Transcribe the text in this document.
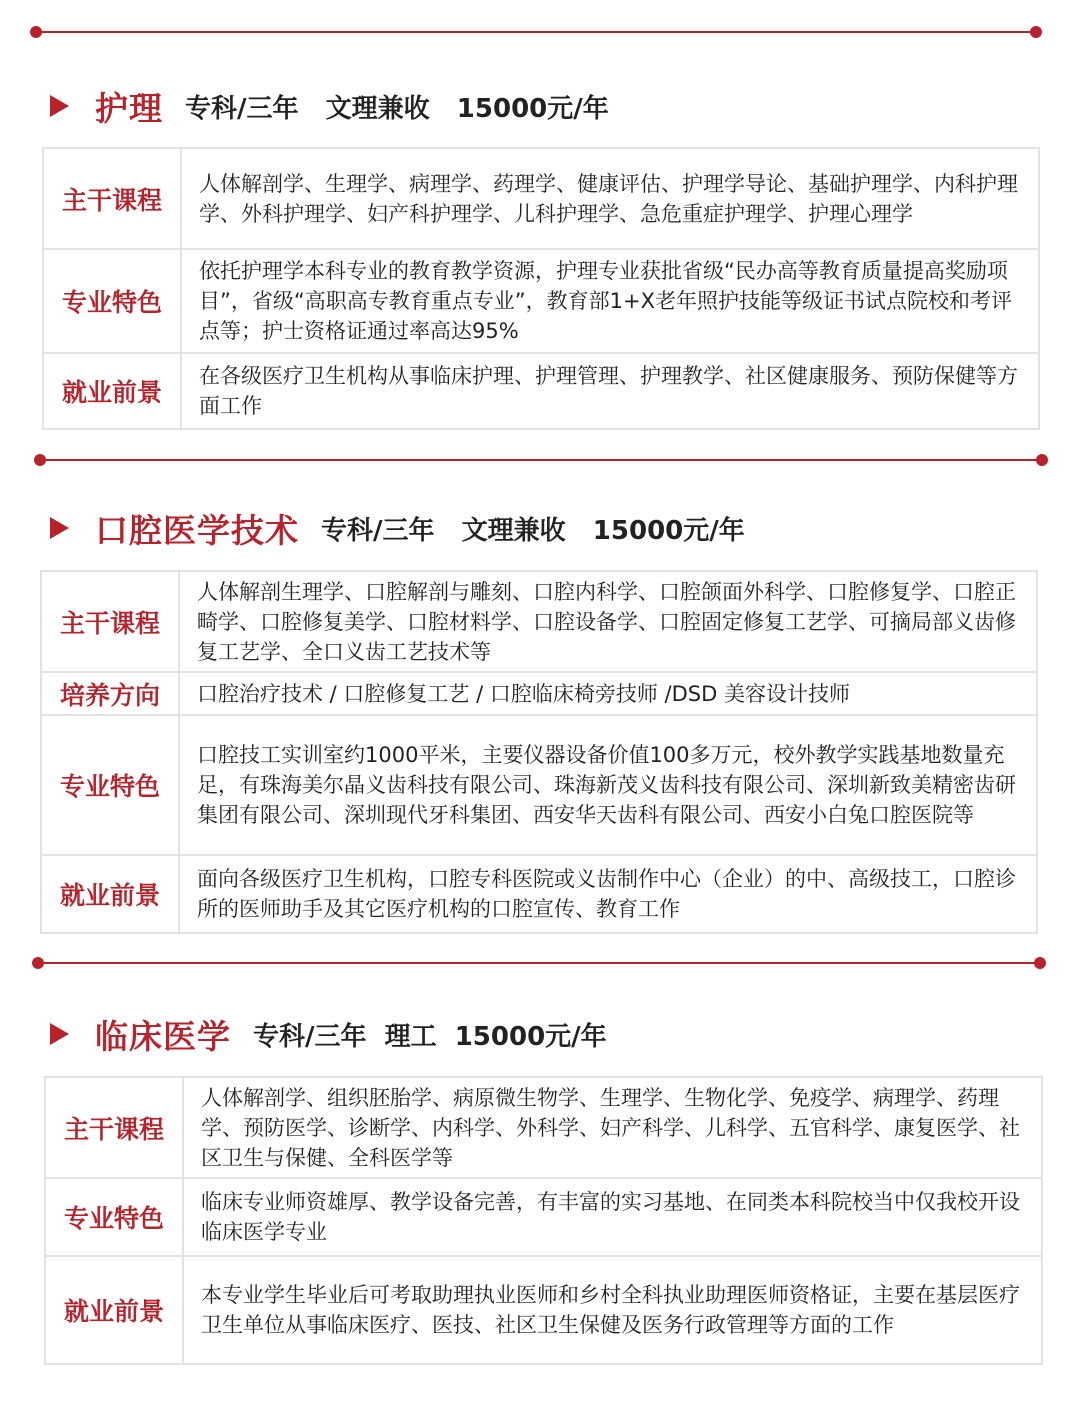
护理 专科/三年   文理兼收   15000元/年
主干课程	人体解剖学、生理学、病理学、药理学、健康评估、护理学导论、基础护理学、内科护理学、外科护理学、妇产科护理学、儿科护理学、急危重症护理学、护理心理学
专业特色	依托护理学本科专业的教育教学资源，护理专业获批省级“民办高等教育质量提高奖励项目”，省级“高职高专教育重点专业”，教育部1+X老年照护技能等级证书试点院校和考评点等；护士资格证通过率高达95%
就业前景	在各级医疗卫生机构从事临床护理、护理管理、护理教学、社区健康服务、预防保健等方面工作
口腔医学技术 专科/三年   文理兼收   15000元/年
主干课程	人体解剖生理学、口腔解剖与雕刻、口腔内科学、口腔颌面外科学、口腔修复学、口腔正畸学、口腔修复美学、口腔材料学、口腔设备学、口腔固定修复工艺学、可摘局部义齿修复工艺学、全口义齿工艺技术等
培养方向	口腔治疗技术 / 口腔修复工艺 / 口腔临床椅旁技师 /DSD 美容设计技师
专业特色	口腔技工实训室约1000平米，主要仪器设备价值100多万元，校外教学实践基地数量充足，有珠海美尔晶义齿科技有限公司、珠海新茂义齿科技有限公司、深圳新致美精密齿研集团有限公司、深圳现代牙科集团、西安华天齿科有限公司、西安小白兔口腔医院等
就业前景	面向各级医疗卫生机构，口腔专科医院或义齿制作中心（企业）的中、高级技工，口腔诊所的医师助手及其它医疗机构的口腔宣传、教育工作
临床医学 专科/三年  理工  15000元/年
主干课程	人体解剖学、组织胚胎学、病原微生物学、生理学、生物化学、免疫学、病理学、药理学、预防医学、诊断学、内科学、外科学、妇产科学、儿科学、五官科学、康复医学、社区卫生与保健、全科医学等
专业特色	临床专业师资雄厚、教学设备完善，有丰富的实习基地、在同类本科院校当中仅我校开设临床医学专业
就业前景	本专业学生毕业后可考取助理执业医师和乡村全科执业助理医师资格证，主要在基层医疗卫生单位从事临床医疗、医技、社区卫生保健及医务行政管理等方面的工作
